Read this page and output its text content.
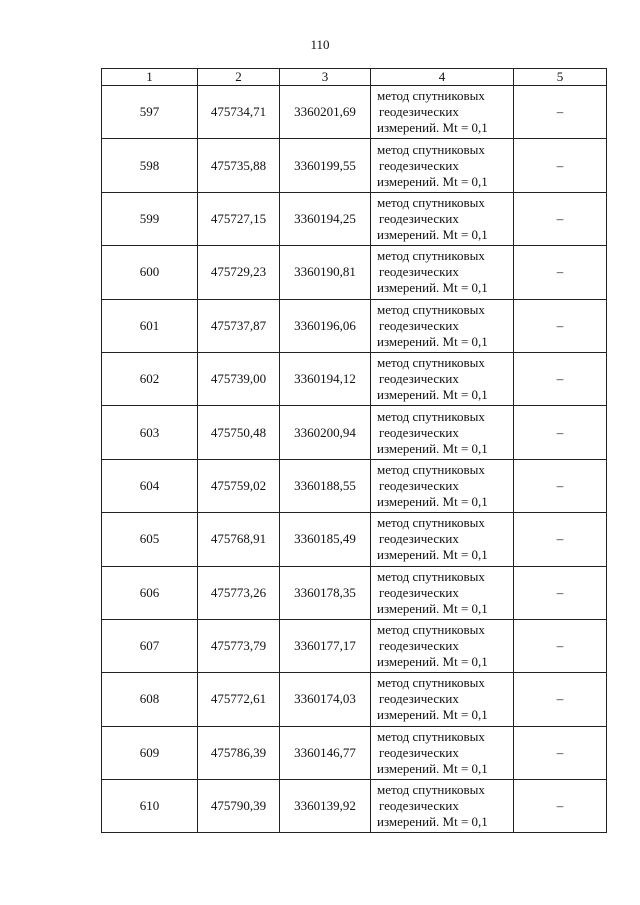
110
1	2	3	4	5
597	475734,71	3360201,69	метод спутниковых
геодезических
измерений. Mt = 0,1	–
598	475735,88	3360199,55	метод спутниковых
геодезических
измерений. Mt = 0,1	–
599	475727,15	3360194,25	метод спутниковых
геодезических
измерений. Mt = 0,1	–
600	475729,23	3360190,81	метод спутниковых
геодезических
измерений. Mt = 0,1	–
601	475737,87	3360196,06	метод спутниковых
геодезических
измерений. Mt = 0,1	–
602	475739,00	3360194,12	метод спутниковых
геодезических
измерений. Mt = 0,1	–
603	475750,48	3360200,94	метод спутниковых
геодезических
измерений. Mt = 0,1	–
604	475759,02	3360188,55	метод спутниковых
геодезических
измерений. Mt = 0,1	–
605	475768,91	3360185,49	метод спутниковых
геодезических
измерений. Mt = 0,1	–
606	475773,26	3360178,35	метод спутниковых
геодезических
измерений. Mt = 0,1	–
607	475773,79	3360177,17	метод спутниковых
геодезических
измерений. Mt = 0,1	–
608	475772,61	3360174,03	метод спутниковых
геодезических
измерений. Mt = 0,1	–
609	475786,39	3360146,77	метод спутниковых
геодезических
измерений. Mt = 0,1	–
610	475790,39	3360139,92	метод спутниковых
геодезических
измерений. Mt = 0,1	–
